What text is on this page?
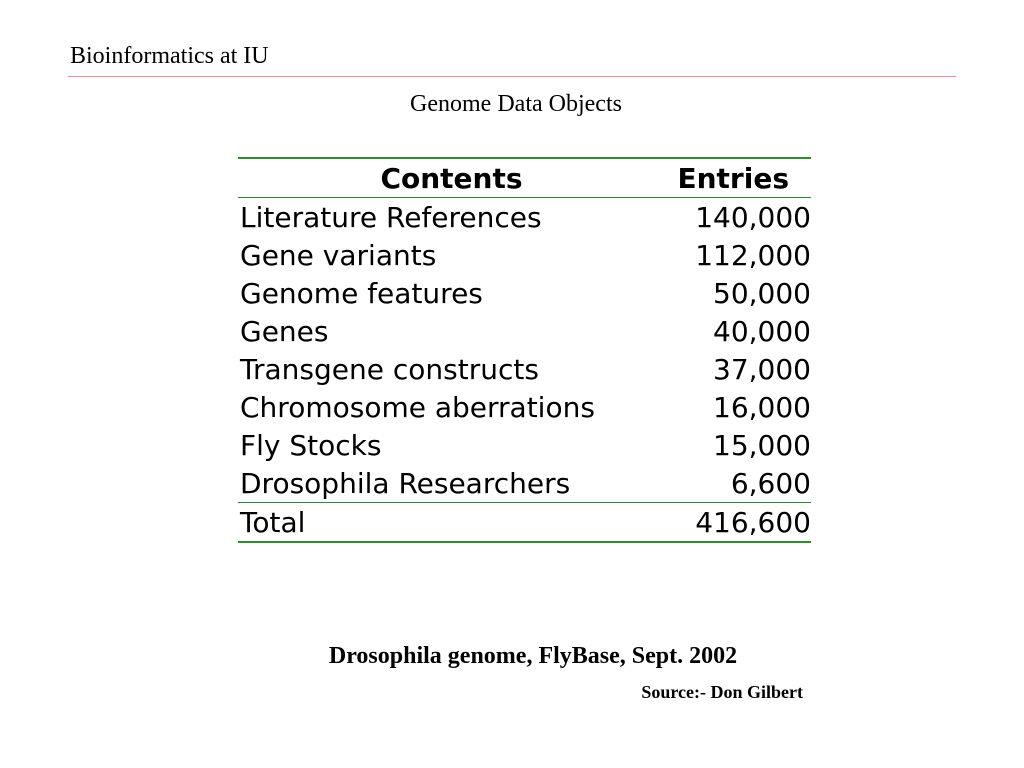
Bioinformatics at IU
Genome Data Objects
Contents	Entries
Literature References	140,000
Gene variants	112,000
Genome features	50,000
Genes	40,000
Transgene constructs	37,000
Chromosome aberrations	16,000
Fly Stocks	15,000
Drosophila Researchers	6,600
Total	416,600
Drosophila genome, FlyBase, Sept. 2002
Source:- Don Gilbert
